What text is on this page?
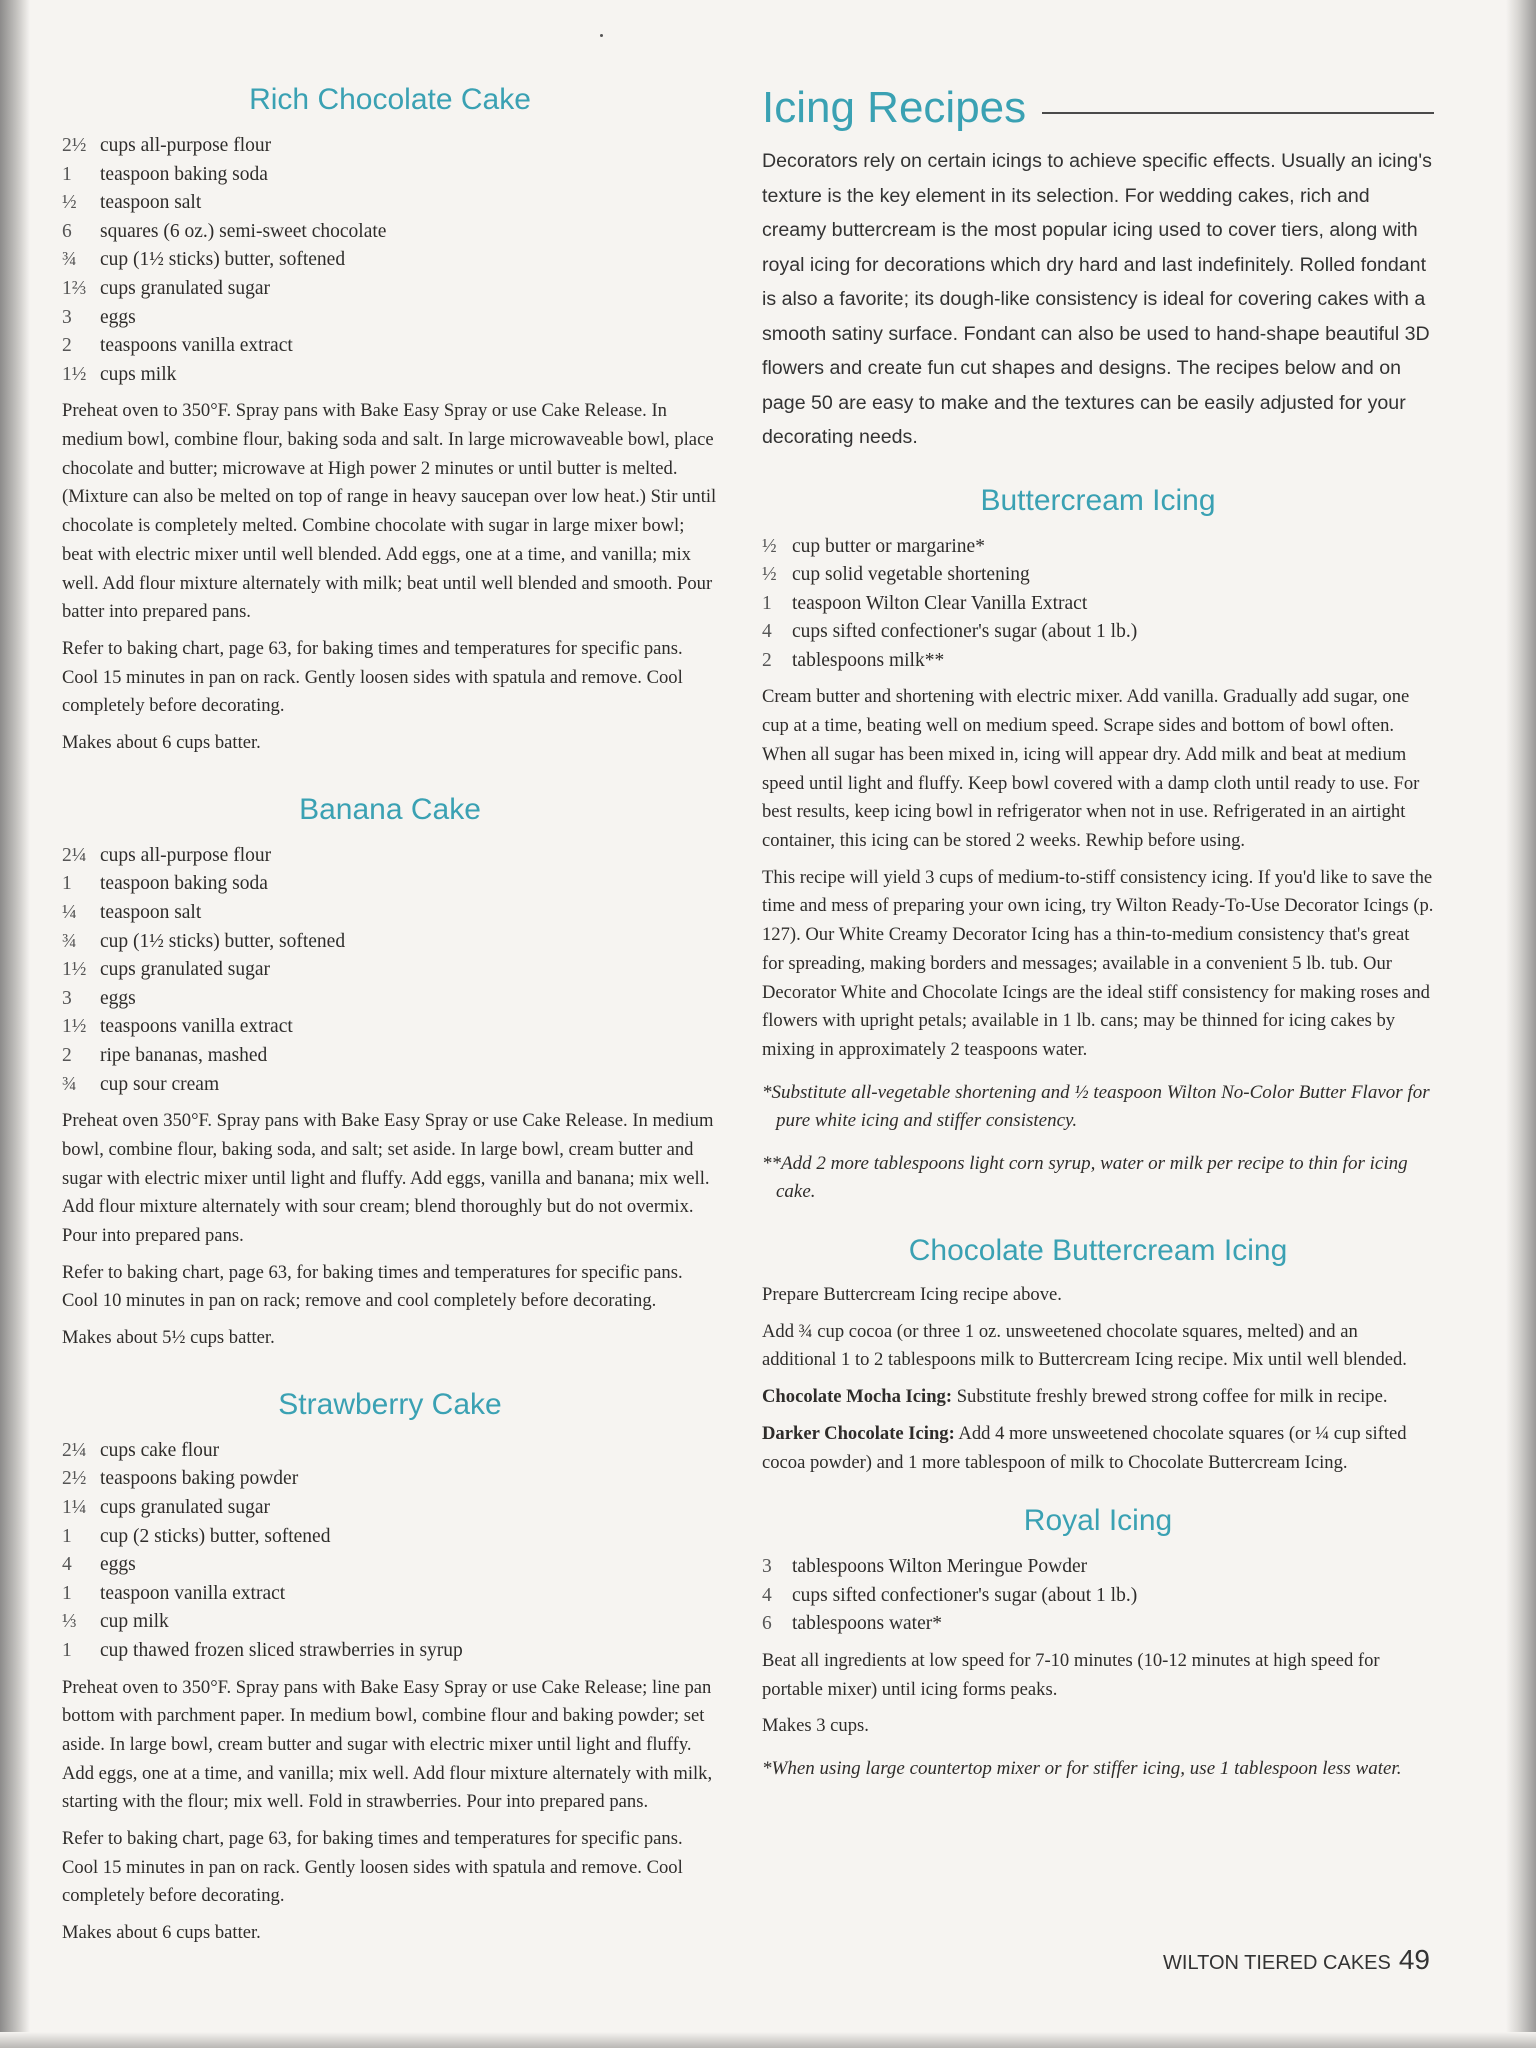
Rich Chocolate Cake
2½ cups all-purpose flour
1 teaspoon baking soda
½ teaspoon salt
6 squares (6 oz.) semi-sweet chocolate
¾ cup (1½ sticks) butter, softened
1⅔ cups granulated sugar
3 eggs
2 teaspoons vanilla extract
1½ cups milk

Preheat oven to 350°F. Spray pans with Bake Easy Spray or use Cake Release. In medium bowl, combine flour, baking soda and salt. In large microwaveable bowl, place chocolate and butter; microwave at High power 2 minutes or until butter is melted. (Mixture can also be melted on top of range in heavy saucepan over low heat.) Stir until chocolate is completely melted. Combine chocolate with sugar in large mixer bowl; beat with electric mixer until well blended. Add eggs, one at a time, and vanilla; mix well. Add flour mixture alternately with milk; beat until well blended and smooth. Pour batter into prepared pans.

Refer to baking chart, page 63, for baking times and temperatures for specific pans. Cool 15 minutes in pan on rack. Gently loosen sides with spatula and remove. Cool completely before decorating.

Makes about 6 cups batter.

Banana Cake
2¼ cups all-purpose flour
1 teaspoon baking soda
¼ teaspoon salt
¾ cup (1½ sticks) butter, softened
1½ cups granulated sugar
3 eggs
1½ teaspoons vanilla extract
2 ripe bananas, mashed
¾ cup sour cream

Preheat oven 350°F. Spray pans with Bake Easy Spray or use Cake Release. In medium bowl, combine flour, baking soda, and salt; set aside. In large bowl, cream butter and sugar with electric mixer until light and fluffy. Add eggs, vanilla and banana; mix well. Add flour mixture alternately with sour cream; blend thoroughly but do not overmix. Pour into prepared pans.

Refer to baking chart, page 63, for baking times and temperatures for specific pans. Cool 10 minutes in pan on rack; remove and cool completely before decorating.

Makes about 5½ cups batter.

Strawberry Cake
2¼ cups cake flour
2½ teaspoons baking powder
1¼ cups granulated sugar
1 cup (2 sticks) butter, softened
4 eggs
1 teaspoon vanilla extract
⅓ cup milk
1 cup thawed frozen sliced strawberries in syrup

Preheat oven to 350°F. Spray pans with Bake Easy Spray or use Cake Release; line pan bottom with parchment paper. In medium bowl, combine flour and baking powder; set aside. In large bowl, cream butter and sugar with electric mixer until light and fluffy. Add eggs, one at a time, and vanilla; mix well. Add flour mixture alternately with milk, starting with the flour; mix well. Fold in strawberries. Pour into prepared pans.

Refer to baking chart, page 63, for baking times and temperatures for specific pans. Cool 15 minutes in pan on rack. Gently loosen sides with spatula and remove. Cool completely before decorating.

Makes about 6 cups batter.

Icing Recipes

Decorators rely on certain icings to achieve specific effects. Usually an icing's texture is the key element in its selection. For wedding cakes, rich and creamy buttercream is the most popular icing used to cover tiers, along with royal icing for decorations which dry hard and last indefinitely. Rolled fondant is also a favorite; its dough-like consistency is ideal for covering cakes with a smooth satiny surface. Fondant can also be used to hand-shape beautiful 3D flowers and create fun cut shapes and designs. The recipes below and on page 50 are easy to make and the textures can be easily adjusted for your decorating needs.

Buttercream Icing
½ cup butter or margarine*
½ cup solid vegetable shortening
1 teaspoon Wilton Clear Vanilla Extract
4 cups sifted confectioner's sugar (about 1 lb.)
2 tablespoons milk**

Cream butter and shortening with electric mixer. Add vanilla. Gradually add sugar, one cup at a time, beating well on medium speed. Scrape sides and bottom of bowl often. When all sugar has been mixed in, icing will appear dry. Add milk and beat at medium speed until light and fluffy. Keep bowl covered with a damp cloth until ready to use. For best results, keep icing bowl in refrigerator when not in use. Refrigerated in an airtight container, this icing can be stored 2 weeks. Rewhip before using.

This recipe will yield 3 cups of medium-to-stiff consistency icing. If you'd like to save the time and mess of preparing your own icing, try Wilton Ready-To-Use Decorator Icings (p. 127). Our White Creamy Decorator Icing has a thin-to-medium consistency that's great for spreading, making borders and messages; available in a convenient 5 lb. tub. Our Decorator White and Chocolate Icings are the ideal stiff consistency for making roses and flowers with upright petals; available in 1 lb. cans; may be thinned for icing cakes by mixing in approximately 2 teaspoons water.

*Substitute all-vegetable shortening and ½ teaspoon Wilton No-Color Butter Flavor for pure white icing and stiffer consistency.

**Add 2 more tablespoons light corn syrup, water or milk per recipe to thin for icing cake.

Chocolate Buttercream Icing

Prepare Buttercream Icing recipe above.

Add ¾ cup cocoa (or three 1 oz. unsweetened chocolate squares, melted) and an additional 1 to 2 tablespoons milk to Buttercream Icing recipe. Mix until well blended.

Chocolate Mocha Icing: Substitute freshly brewed strong coffee for milk in recipe.

Darker Chocolate Icing: Add 4 more unsweetened chocolate squares (or ¼ cup sifted cocoa powder) and 1 more tablespoon of milk to Chocolate Buttercream Icing.

Royal Icing
3 tablespoons Wilton Meringue Powder
4 cups sifted confectioner's sugar (about 1 lb.)
6 tablespoons water*

Beat all ingredients at low speed for 7-10 minutes (10-12 minutes at high speed for portable mixer) until icing forms peaks.

Makes 3 cups.

*When using large countertop mixer or for stiffer icing, use 1 tablespoon less water.

WILTON TIERED CAKES 49
